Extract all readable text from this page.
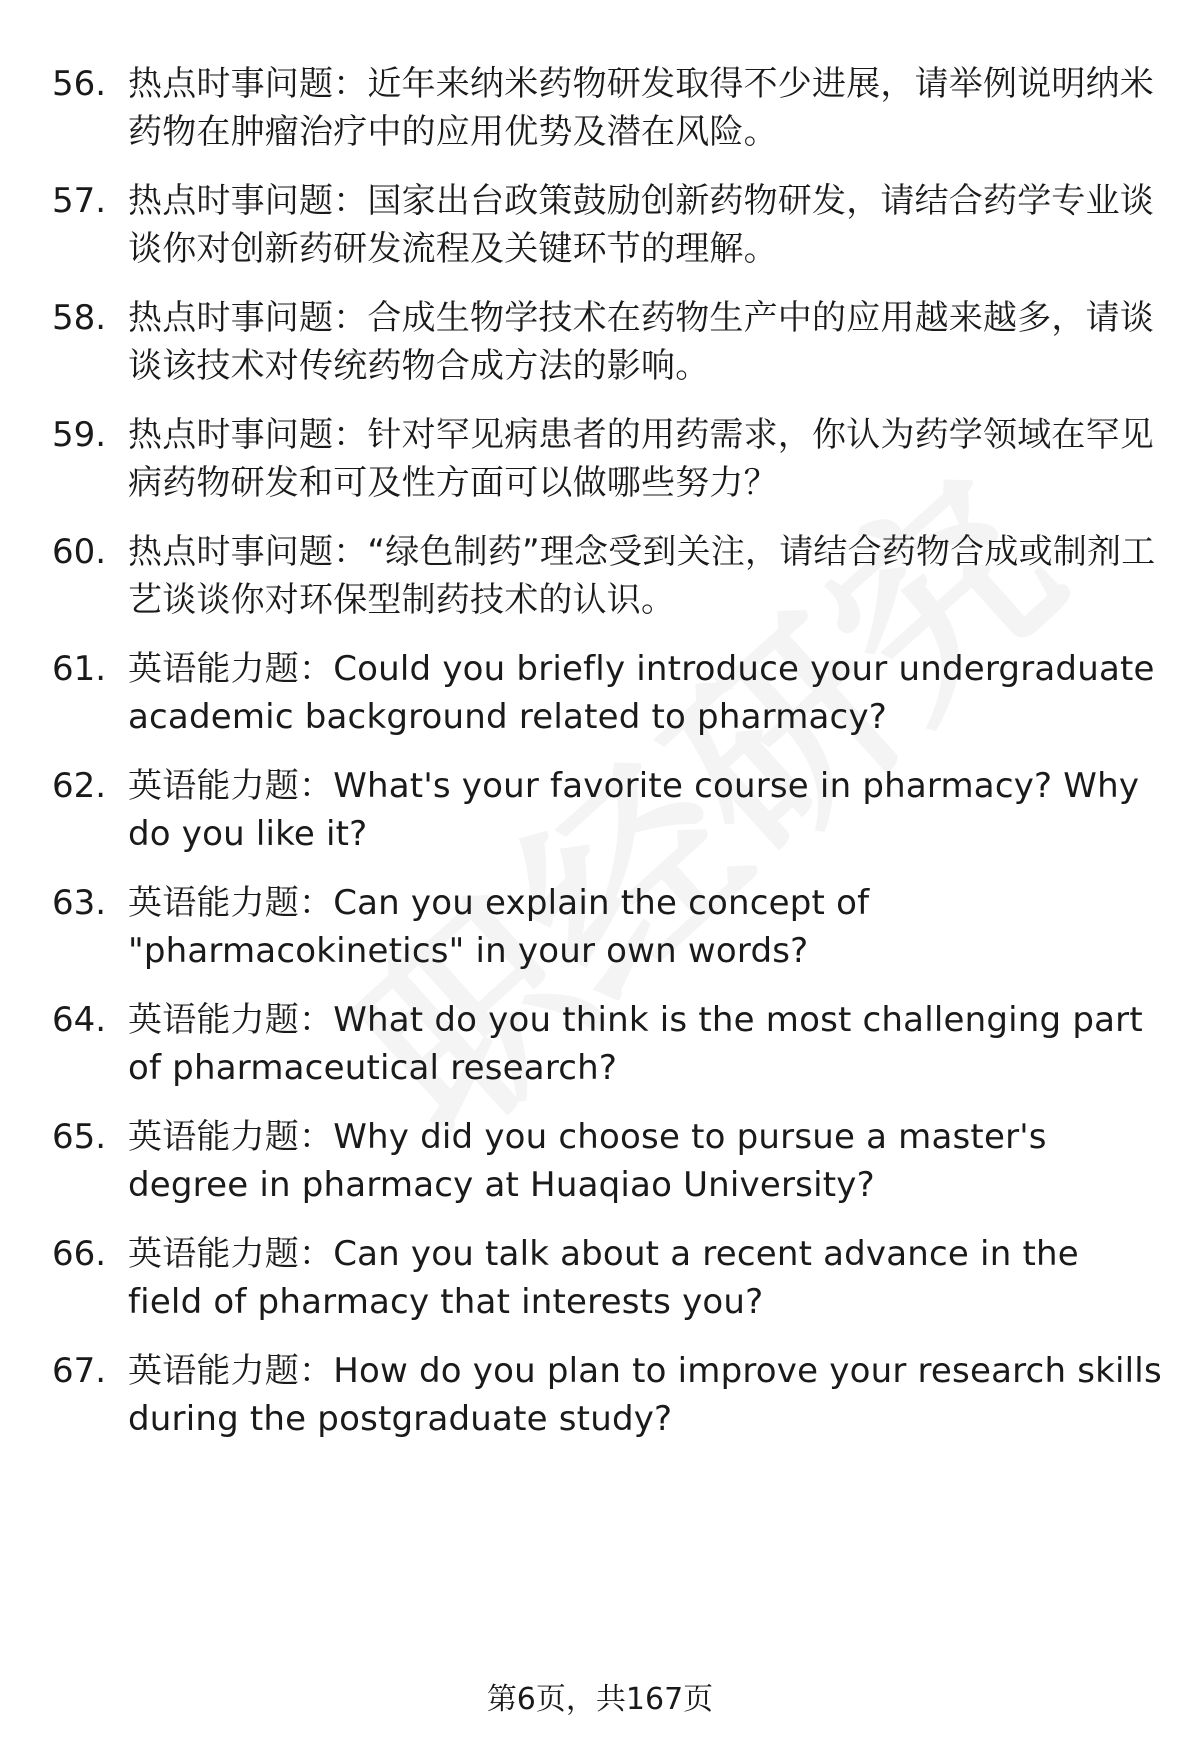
56. 热点时事问题：近年来纳米药物研发取得不少进展，请举例说明纳米药物在肿瘤治疗中的应用优势及潜在风险。
57. 热点时事问题：国家出台政策鼓励创新药物研发，请结合药学专业谈谈你对创新药研发流程及关键环节的理解。
58. 热点时事问题：合成生物学技术在药物生产中的应用越来越多，请谈谈该技术对传统药物合成方法的影响。
59. 热点时事问题：针对罕见病患者的用药需求，你认为药学领域在罕见病药物研发和可及性方面可以做哪些努力？
60. 热点时事问题：“绿色制药”理念受到关注，请结合药物合成或制剂工艺谈谈你对环保型制药技术的认识。
61. 英语能力题：Could you briefly introduce your undergraduate academic background related to pharmacy?
62. 英语能力题：What's your favorite course in pharmacy? Why do you like it?
63. 英语能力题：Can you explain the concept of "pharmacokinetics" in your own words?
64. 英语能力题：What do you think is the most challenging part of pharmaceutical research?
65. 英语能力题：Why did you choose to pursue a master's degree in pharmacy at Huaqiao University?
66. 英语能力题：Can you talk about a recent advance in the field of pharmacy that interests you?
67. 英语能力题：How do you plan to improve your research skills during the postgraduate study?
第6页，共167页
